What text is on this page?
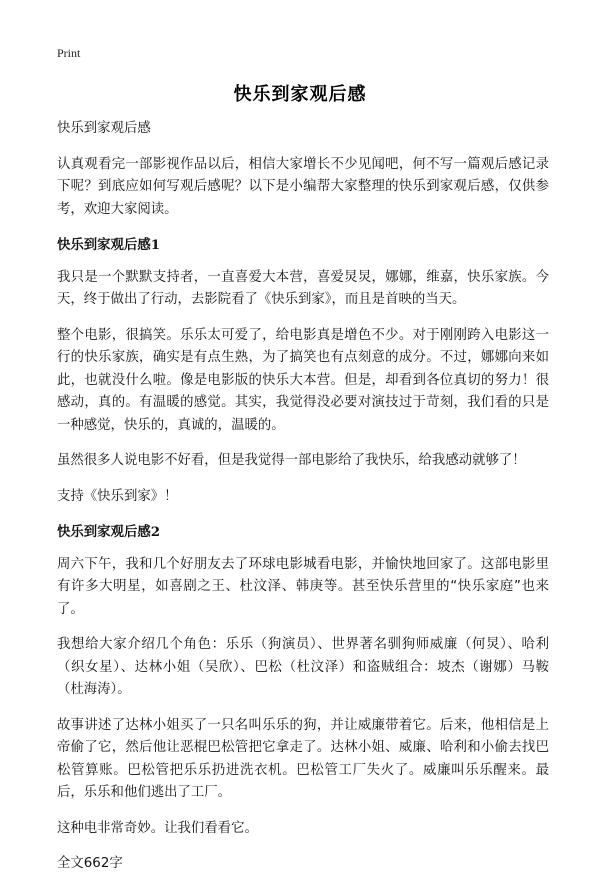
Print
快乐到家观后感

快乐到家观后感

认真观看完一部影视作品以后，相信大家增长不少见闻吧，何不写一篇观后感记录下呢？到底应如何写观后感呢？以下是小编帮大家整理的快乐到家观后感，仅供参考，欢迎大家阅读。

快乐到家观后感1

我只是一个默默支持者，一直喜爱大本营，喜爱炅炅，娜娜，维嘉，快乐家族。今天，终于做出了行动，去影院看了《快乐到家》，而且是首映的当天。

整个电影，很搞笑。乐乐太可爱了，给电影真是增色不少。对于刚刚跨入电影这一行的快乐家族，确实是有点生熟，为了搞笑也有点刻意的成分。不过，娜娜向来如此，也就没什么啦。像是电影版的快乐大本营。但是，却看到各位真切的努力！很感动，真的。有温暖的感觉。其实，我觉得没必要对演技过于苛刻，我们看的只是一种感觉，快乐的，真诚的，温暖的。

虽然很多人说电影不好看，但是我觉得一部电影给了我快乐，给我感动就够了！

支持《快乐到家》！

快乐到家观后感2

周六下午，我和几个好朋友去了环球电影城看电影，并愉快地回家了。这部电影里有许多大明星，如喜剧之王、杜汶泽、韩庚等。甚至快乐营里的“快乐家庭”也来了。

我想给大家介绍几个角色：乐乐（狗演员）、世界著名驯狗师威廉（何炅）、哈利（织女星）、达林小姐（吴欣）、巴松（杜汶泽）和盗贼组合：坡杰（谢娜）马鞍（杜海涛）。

故事讲述了达林小姐买了一只名叫乐乐的狗，并让威廉带着它。后来，他相信是上帝偷了它，然后他让恶棍巴松管把它拿走了。达林小姐、威廉、哈利和小偷去找巴松管算账。巴松管把乐乐扔进洗衣机。巴松管工厂失火了。威廉叫乐乐醒来。最后，乐乐和他们逃出了工厂。

这种电非常奇妙。让我们看看它。

全文662字
